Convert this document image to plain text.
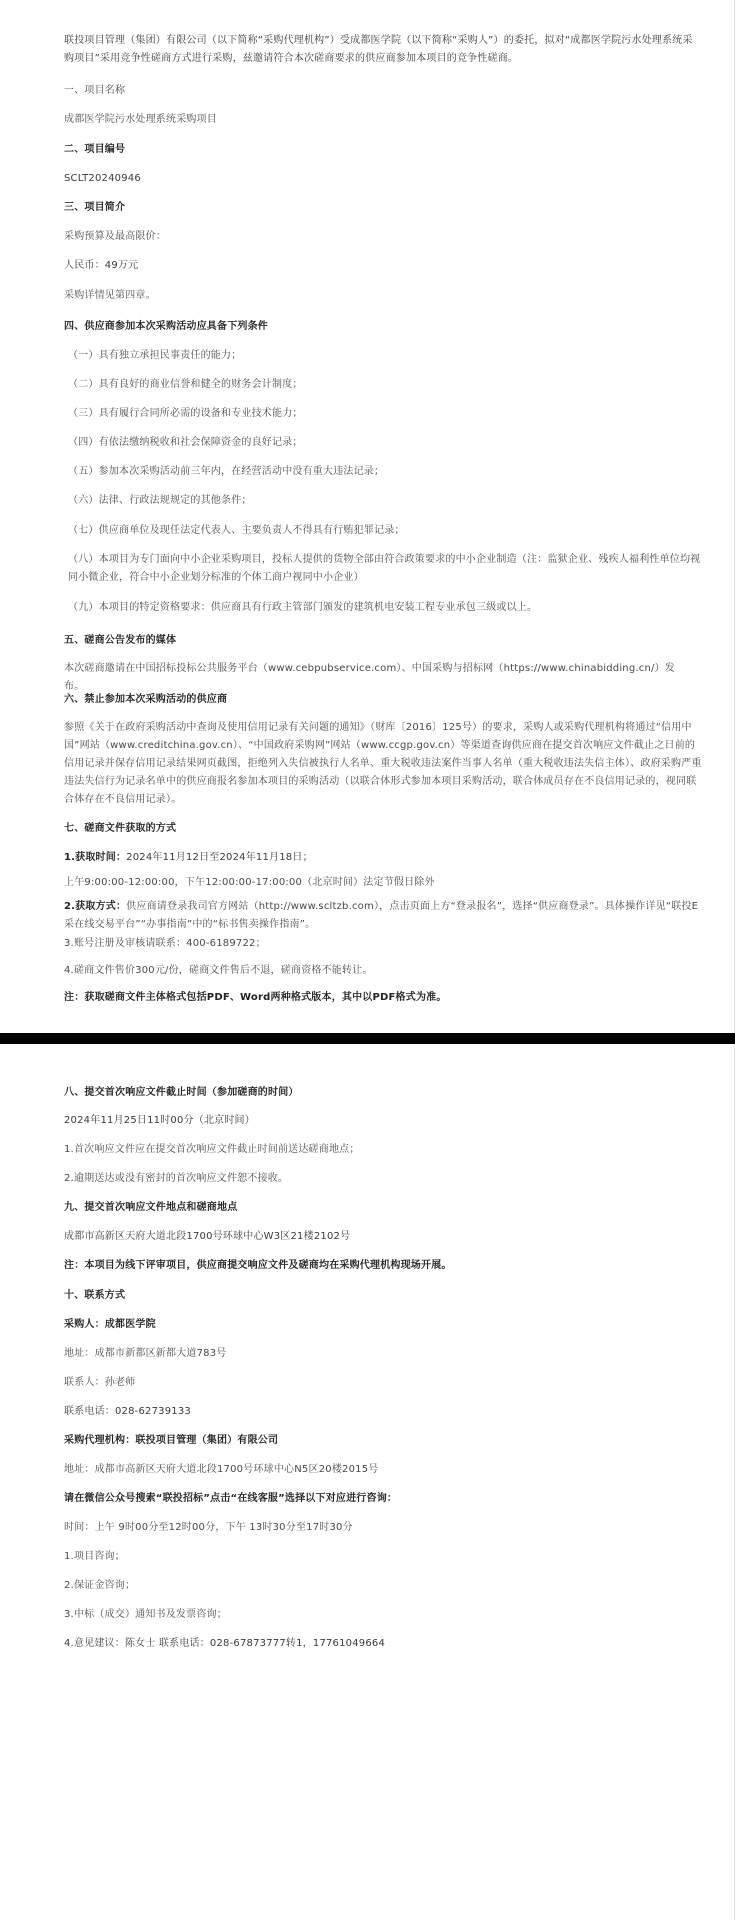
联投项目管理（集团）有限公司（以下简称“采购代理机构”）受成都医学院（以下简称“采购人”）的委托，拟对“成都医学院污水处理系统采购项目”采用竞争性磋商方式进行采购，兹邀请符合本次磋商要求的供应商参加本项目的竞争性磋商。

一、项目名称

成都医学院污水处理系统采购项目

二、项目编号

SCLT20240946

三、项目简介

采购预算及最高限价：

人民币：49万元

采购详情见第四章。

四、供应商参加本次采购活动应具备下列条件

（一）具有独立承担民事责任的能力；

（二）具有良好的商业信誉和健全的财务会计制度；

（三）具有履行合同所必需的设备和专业技术能力；

（四）有依法缴纳税收和社会保障资金的良好记录；

（五）参加本次采购活动前三年内，在经营活动中没有重大违法记录；

（六）法律、行政法规规定的其他条件；

（七）供应商单位及现任法定代表人、主要负责人不得具有行贿犯罪记录；

（八）本项目为专门面向中小企业采购项目，投标人提供的货物全部由符合政策要求的中小企业制造（注：监狱企业、残疾人福利性单位均视同小微企业，符合中小企业划分标准的个体工商户视同中小企业）

（九）本项目的特定资格要求：供应商具有行政主管部门颁发的建筑机电安装工程专业承包三级或以上。

五、磋商公告发布的媒体

本次磋商邀请在中国招标投标公共服务平台（www.cebpubservice.com）、中国采购与招标网（https://www.chinabidding.cn/）发布。

六、禁止参加本次采购活动的供应商

参照《关于在政府采购活动中查询及使用信用记录有关问题的通知》（财库〔2016〕125号）的要求，采购人或采购代理机构将通过“信用中国”网站（www.creditchina.gov.cn）、“中国政府采购网”网站（www.ccgp.gov.cn）等渠道查询供应商在提交首次响应文件截止之日前的信用记录并保存信用记录结果网页截图，拒绝列入失信被执行人名单、重大税收违法案件当事人名单（重大税收违法失信主体）、政府采购严重违法失信行为记录名单中的供应商报名参加本项目的采购活动（以联合体形式参加本项目采购活动，联合体成员存在不良信用记录的，视同联合体存在不良信用记录）。

七、磋商文件获取的方式

1.获取时间：2024年11月12日至2024年11月18日；

上午9:00:00-12:00:00，下午12:00:00-17:00:00（北京时间）法定节假日除外

2.获取方式：供应商请登录我司官方网站（http://www.scltzb.com），点击页面上方“登录报名”，选择“供应商登录”。具体操作详见“联投E采在线交易平台”“办事指南”中的“标书售卖操作指南”。

3.账号注册及审核请联系：400-6189722；

4.磋商文件售价300元/份，磋商文件售后不退，磋商资格不能转让。

注：获取磋商文件主体格式包括PDF、Word两种格式版本，其中以PDF格式为准。

八、提交首次响应文件截止时间（参加磋商的时间）

2024年11月25日11时00分（北京时间）

1.首次响应文件应在提交首次响应文件截止时间前送达磋商地点；

2.逾期送达或没有密封的首次响应文件恕不接收。

九、提交首次响应文件地点和磋商地点

成都市高新区天府大道北段1700号环球中心W3区21楼2102号

注：本项目为线下评审项目，供应商提交响应文件及磋商均在采购代理机构现场开展。

十、联系方式

采购人：成都医学院

地址：成都市新都区新都大道783号

联系人：孙老师

联系电话：028-62739133

采购代理机构：联投项目管理（集团）有限公司

地址：成都市高新区天府大道北段1700号环球中心N5区20楼2015号

请在微信公众号搜索“联投招标”点击“在线客服”选择以下对应进行咨询：

时间：上午 9时00分至12时00分，下午 13时30分至17时30分

1.项目咨询；

2.保证金咨询；

3.中标（成交）通知书及发票咨询；

4.意见建议：陈女士 联系电话：028-67873777转1，17761049664
